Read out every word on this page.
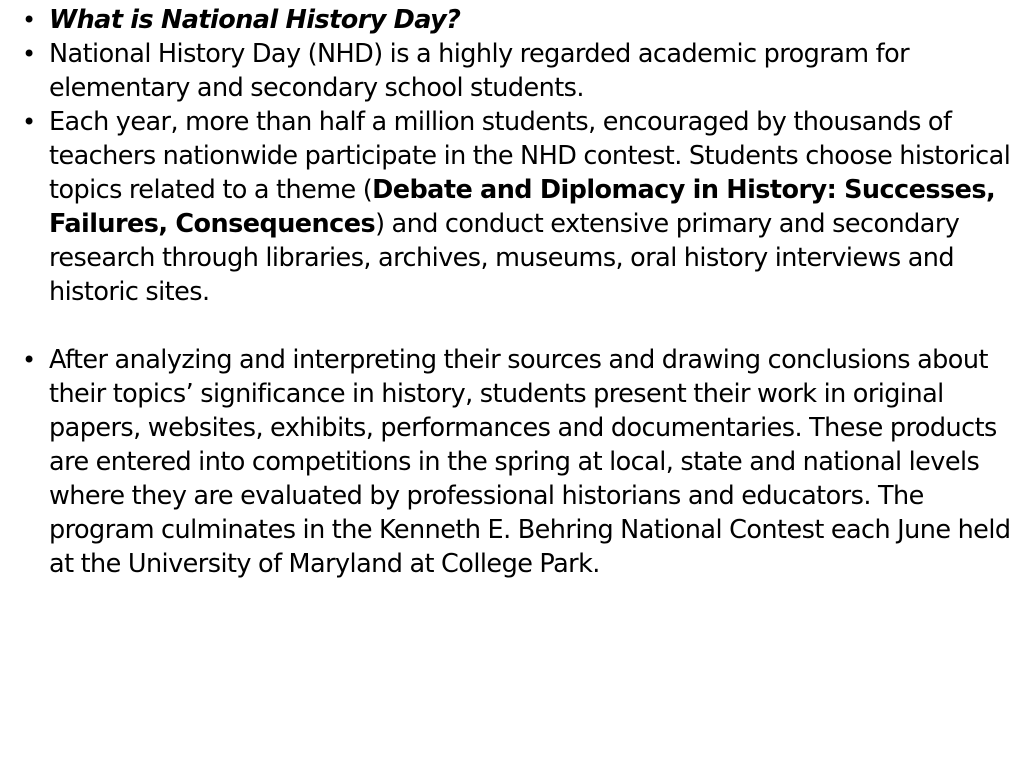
• What is National History Day?
• National History Day (NHD) is a highly regarded academic program for elementary and secondary school students.
• Each year, more than half a million students, encouraged by thousands of teachers nationwide participate in the NHD contest. Students choose historical topics related to a theme (Debate and Diplomacy in History: Successes, Failures, Consequences) and conduct extensive primary and secondary research through libraries, archives, museums, oral history interviews and historic sites.
• After analyzing and interpreting their sources and drawing conclusions about their topics’ significance in history, students present their work in original papers, websites, exhibits, performances and documentaries. These products are entered into competitions in the spring at local, state and national levels where they are evaluated by professional historians and educators. The program culminates in the Kenneth E. Behring National Contest each June held at the University of Maryland at College Park.
